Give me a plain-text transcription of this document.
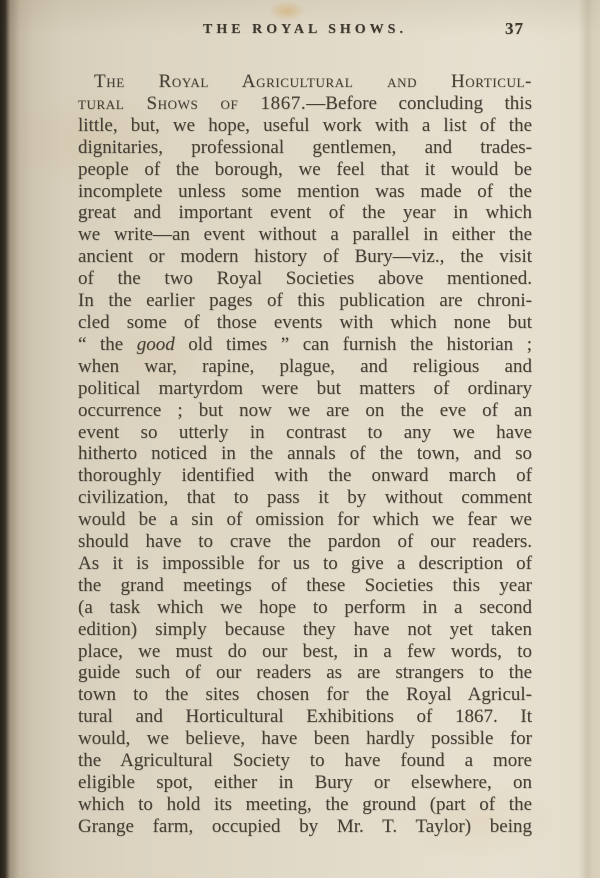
THE ROYAL SHOWS.	37
The Royal Agricultural and Horticul-
tural Shows of 1867.—Before concluding this
little, but, we hope, useful work with a list of the
dignitaries, professional gentlemen, and trades-
people of the borough, we feel that it would be
incomplete unless some mention was made of the
great and important event of the year in which
we write—an event without a parallel in either the
ancient or modern history of Bury—viz., the visit
of the two Royal Societies above mentioned.
In the earlier pages of this publication are chroni-
cled some of those events with which none but
“ the good old times ” can furnish the historian ;
when war, rapine, plague, and religious and
political martyrdom were but matters of ordinary
occurrence ; but now we are on the eve of an
event so utterly in contrast to any we have
hitherto noticed in the annals of the town, and so
thoroughly identified with the onward march of
civilization, that to pass it by without comment
would be a sin of omission for which we fear we
should have to crave the pardon of our readers.
As it is impossible for us to give a description of
the grand meetings of these Societies this year
(a task which we hope to perform in a second
edition) simply because they have not yet taken
place, we must do our best, in a few words, to
guide such of our readers as are strangers to the
town to the sites chosen for the Royal Agricul-
tural and Horticultural Exhibitions of 1867. It
would, we believe, have been hardly possible for
the Agricultural Society to have found a more
eligible spot, either in Bury or elsewhere, on
which to hold its meeting, the ground (part of the
Grange farm, occupied by Mr. T. Taylor) being
